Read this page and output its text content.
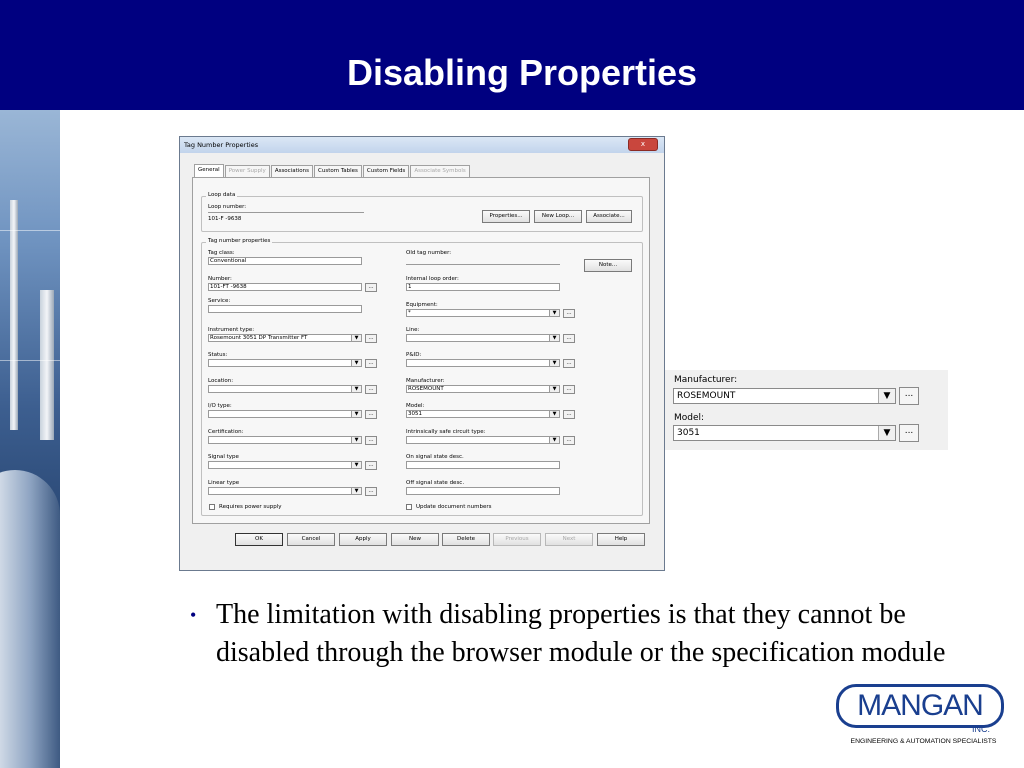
Disabling Properties
Tag Number Properties	x
General	Power Supply	Associations	Custom Tables	Custom Fields	Associate Symbols
Loop data
Loop number:
101-F -9638	Properties...	New Loop...	Associate...
Tag number properties
Tag class:
Conventional
Number:
101-FT -9638	...
Service:
Instrument type:
Rosemount 3051 DP Transmitter FT	▼	...
Status:
▼	...
Location:
▼	...
I/O type:
▼	...
Certification:
▼	...
Signal type
▼	...
Linear type
▼	...
Requires power supply
Old tag number:
Note...
Internal loop order:
1
Equipment:
*	▼	...
Line:
▼	...
P&ID:
▼	...
Manufacturer:
ROSEMOUNT	▼	...
Model:
3051	▼	...
Intrinsically safe circuit type:
▼	...
On signal state desc.
Off signal state desc.
Update document numbers
OK	Cancel	Apply	New	Delete	Previous	Next	Help
Manufacturer:
ROSEMOUNT	▼	...
Model:
3051	▼	...
• The limitation with disabling properties is that they cannot be disabled through the browser module or the specification module
MANGAN
INC.
ENGINEERING & AUTOMATION SPECIALISTS
